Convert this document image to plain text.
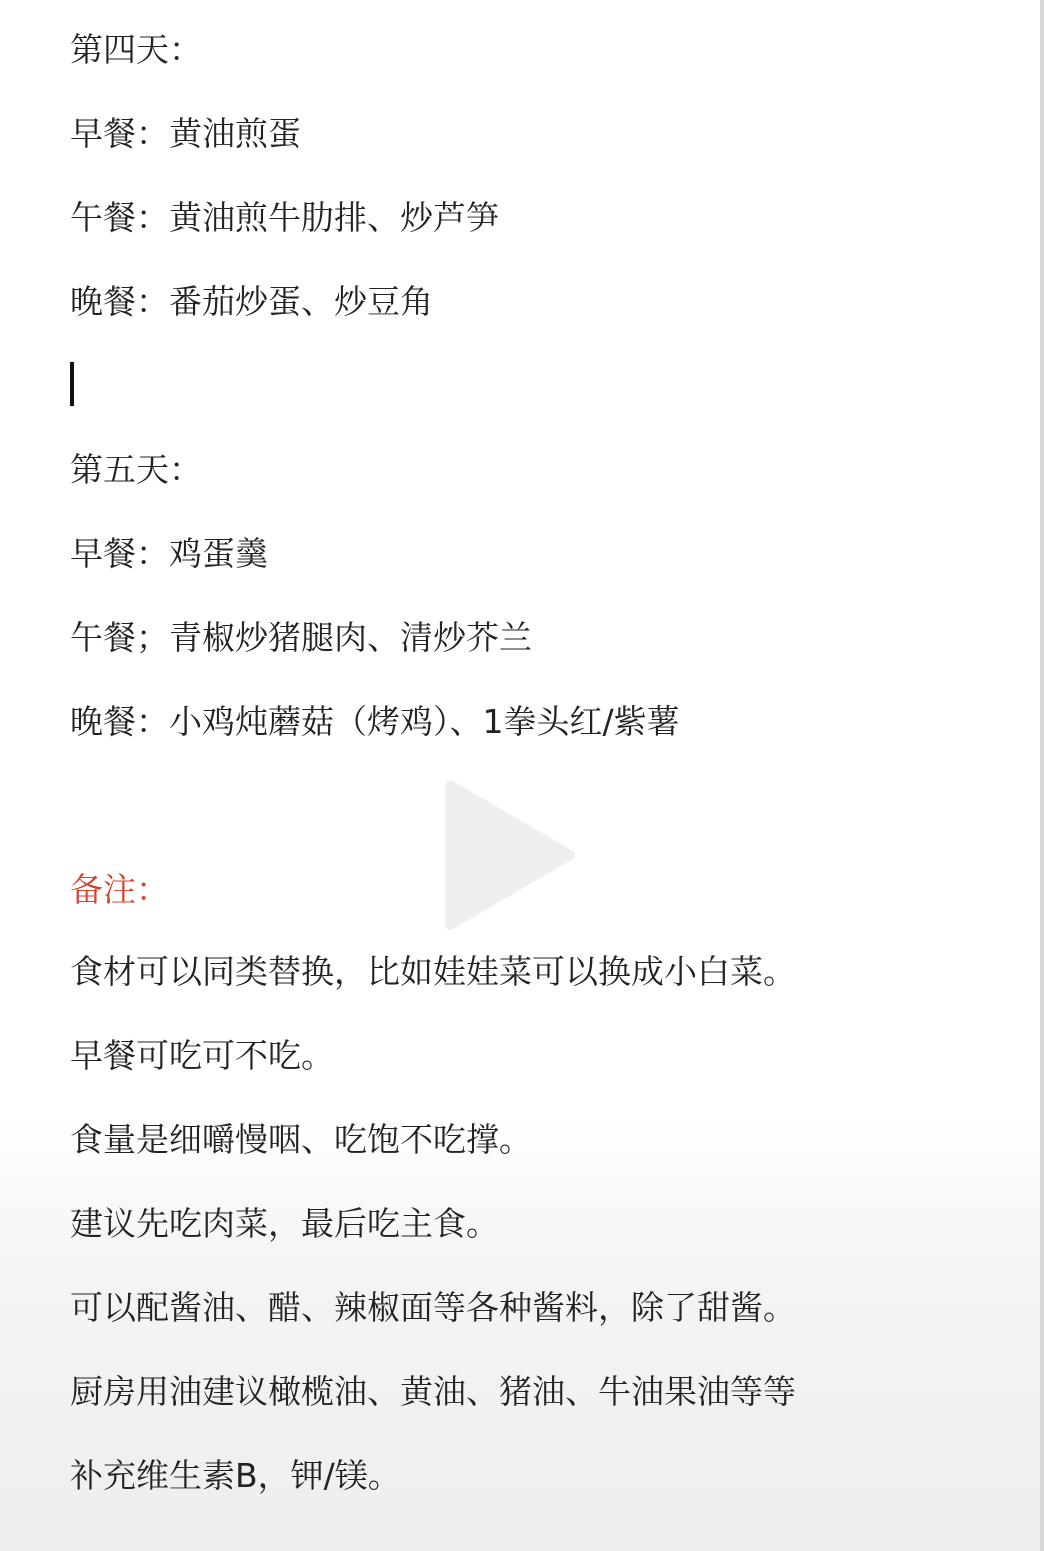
第四天：
早餐：黄油煎蛋
午餐：黄油煎牛肋排、炒芦笋
晚餐：番茄炒蛋、炒豆角
第五天：
早餐：鸡蛋羹
午餐；青椒炒猪腿肉、清炒芥兰
晚餐：小鸡炖蘑菇（烤鸡）、1拳头红/紫薯
备注：
食材可以同类替换，比如娃娃菜可以换成小白菜。
早餐可吃可不吃。
食量是细嚼慢咽、吃饱不吃撑。
建议先吃肉菜，最后吃主食。
可以配酱油、醋、辣椒面等各种酱料，除了甜酱。
厨房用油建议橄榄油、黄油、猪油、牛油果油等等
补充维生素B，钾/镁。
